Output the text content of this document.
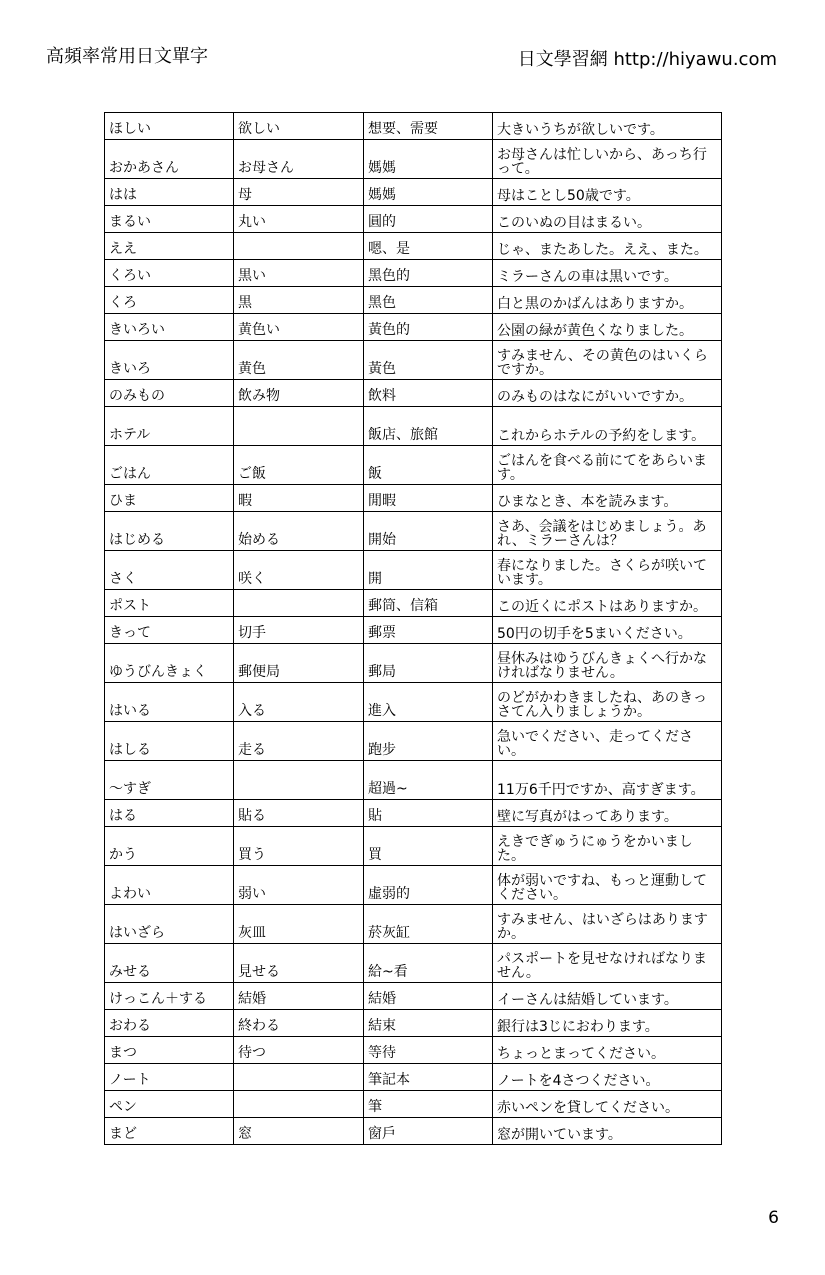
高頻率常用日文單字	日文學習網 http://hiyawu.com
ほしい	欲しい	想要、需要	大きいうちが欲しいです。
おかあさん	お母さん	媽媽	お母さんは忙しいから、あっち行って。
はは	母	媽媽	母はことし50歳です。
まるい	丸い	圓的	このいぬの目はまるい。
ええ		嗯、是	じゃ、またあした。ええ、また。
くろい	黒い	黑色的	ミラーさんの車は黒いです。
くろ	黒	黑色	白と黒のかばんはありますか。
きいろい	黄色い	黃色的	公園の緑が黄色くなりました。
きいろ	黄色	黃色	すみません、その黄色のはいくらですか。
のみもの	飲み物	飲料	のみものはなにがいいですか。
ホテル		飯店、旅館	これからホテルの予約をします。
ごはん	ご飯	飯	ごはんを食べる前にてをあらいます。
ひま	暇	閒暇	ひまなとき、本を読みます。
はじめる	始める	開始	さあ、会議をはじめましょう。あれ、ミラーさんは？
さく	咲く	開	春になりました。さくらが咲いています。
ポスト		郵筒、信箱	この近くにポストはありますか。
きって	切手	郵票	50円の切手を5まいください。
ゆうびんきょく	郵便局	郵局	昼休みはゆうびんきょくへ行かなければなりません。
はいる	入る	進入	のどがかわきましたね、あのきっさてん入りましょうか。
はしる	走る	跑步	急いでください、走ってください。
～すぎ		超過~	11万6千円ですか、高すぎます。
はる	貼る	貼	壁に写真がはってあります。
かう	買う	買	えきでぎゅうにゅうをかいました。
よわい	弱い	虛弱的	体が弱いですね、もっと運動してください。
はいざら	灰皿	菸灰缸	すみません、はいざらはありますか。
みせる	見せる	給~看	パスポートを見せなければなりません。
けっこん＋する	結婚	結婚	イーさんは結婚しています。
おわる	終わる	結束	銀行は3じにおわります。
まつ	待つ	等待	ちょっとまってください。
ノート		筆記本	ノートを4さつください。
ペン		筆	赤いペンを貸してください。
まど	窓	窗戶	窓が開いています。
6
